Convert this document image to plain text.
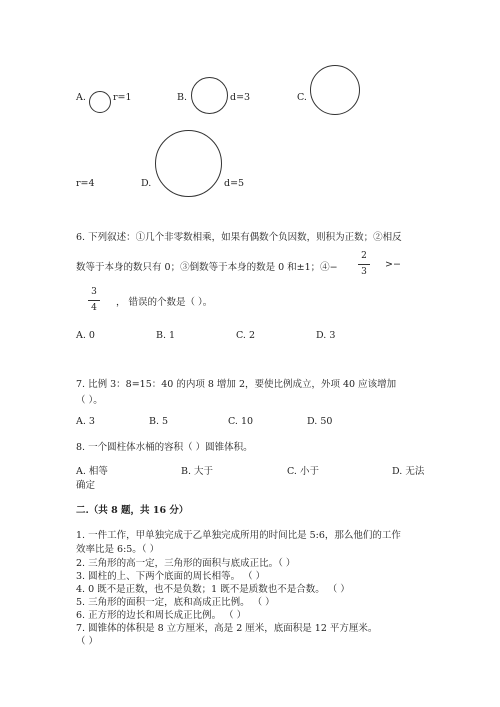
A.	r=1	B.	d=3	C.
r=4	D.	d=5
6. 下列叙述：①几个非零数相乘，如果有偶数个负因数，则积为正数；②相反
数等于本身的数只有 0；③倒数等于本身的数是 0 和±1；④−
2
3
>−
3
4	， 错误的个数是（ ）。
A. 0	B. 1	C. 2	D. 3
7. 比例 3：8=15：40 的内项 8 增加 2，要使比例成立，外项 40 应该增加
（ ）。
A. 3	B. 5	C. 10	D. 50
8. 一个圆柱体水桶的容积（ ）圆锥体积。
A. 相等	B. 大于	C. 小于	D. 无法
确定
二.（共 8 题，共 16 分）
1. 一件工作，甲单独完成于乙单独完成所用的时间比是 5:6，那么他们的工作
效率比是 6:5。（ ）
2. 三角形的高一定，三角形的面积与底成正比。（ ）
3. 圆柱的上、下两个底面的周长相等。 （ ）
4. 0 既不是正数，也不是负数；1 既不是质数也不是合数。 （ ）
5. 三角形的面积一定，底和高成正比例。 （ ）
6. 正方形的边长和周长成正比例。 （ ）
7. 圆锥体的体积是 8 立方厘米，高是 2 厘米，底面积是 12 平方厘米。
（ ）
